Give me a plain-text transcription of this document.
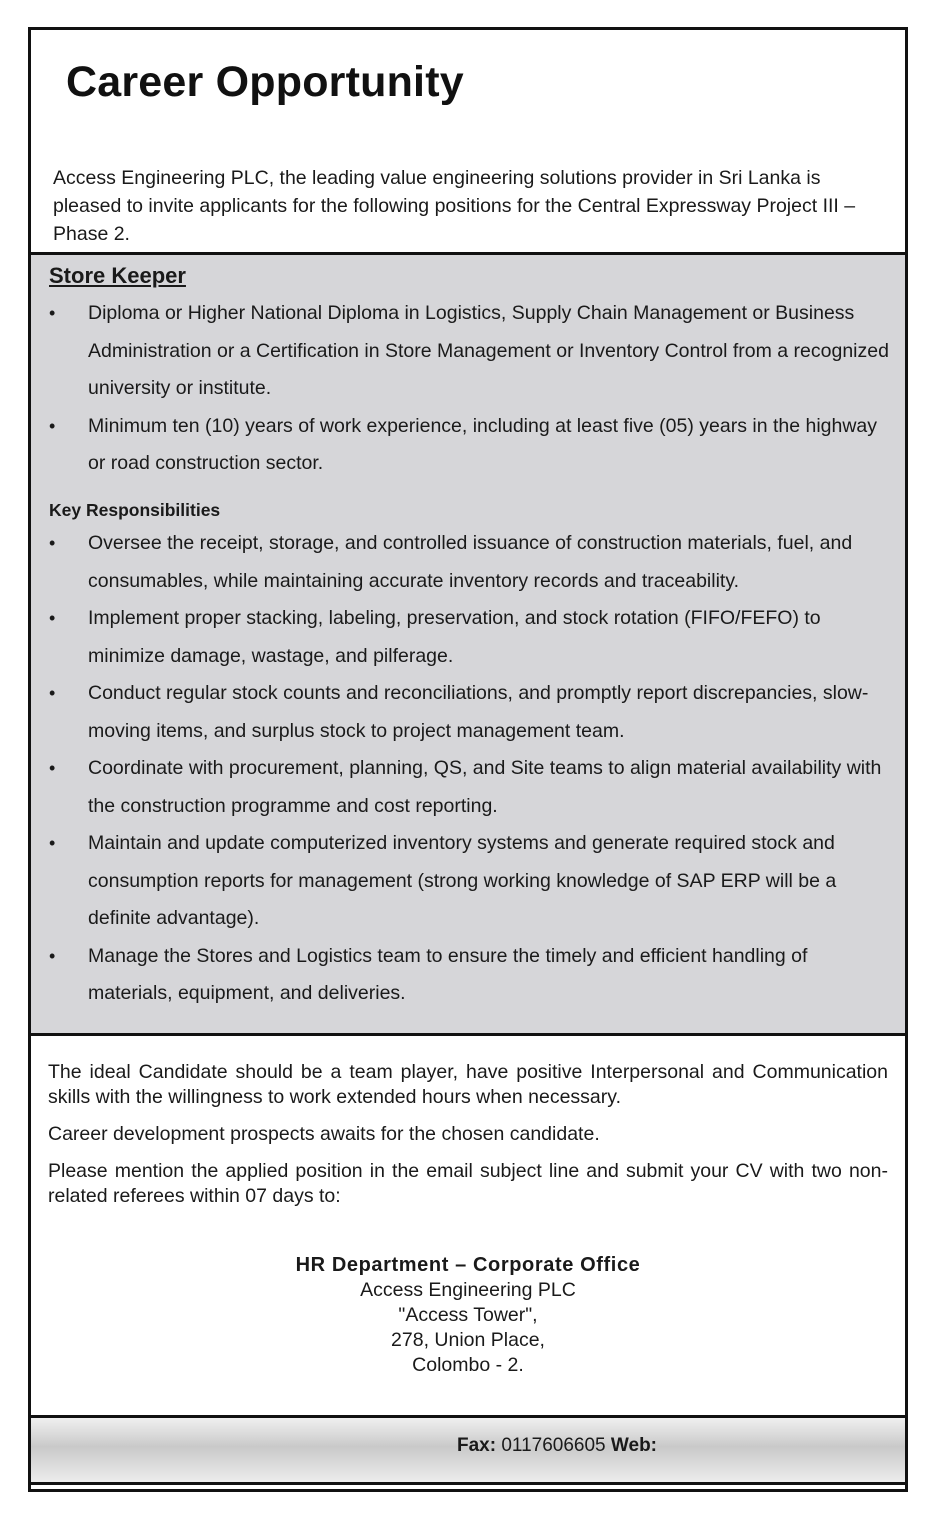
Career Opportunity

Access Engineering PLC, the leading value engineering solutions provider in Sri Lanka is pleased to invite applicants for the following positions for the Central Expressway Project III – Phase 2.

Store Keeper
• Diploma or Higher National Diploma in Logistics, Supply Chain Management or Business Administration or a Certification in Store Management or Inventory Control from a recognized university or institute.
• Minimum ten (10) years of work experience, including at least five (05) years in the highway or road construction sector.
Key Responsibilities
• Oversee the receipt, storage, and controlled issuance of construction materials, fuel, and consumables, while maintaining accurate inventory records and traceability.
• Implement proper stacking, labeling, preservation, and stock rotation (FIFO/FEFO) to minimize damage, wastage, and pilferage.
• Conduct regular stock counts and reconciliations, and promptly report discrepancies, slow-moving items, and surplus stock to project management team.
• Coordinate with procurement, planning, QS, and Site teams to align material availability with the construction programme and cost reporting.
• Maintain and update computerized inventory systems and generate required stock and consumption reports for management (strong working knowledge of SAP ERP will be a definite advantage).
• Manage the Stores and Logistics team to ensure the timely and efficient handling of materials, equipment, and deliveries.

The ideal Candidate should be a team player, have positive Interpersonal and Communication skills with the willingness to work extended hours when necessary.

Career development prospects awaits for the chosen candidate.

Please mention the applied position in the email subject line and submit your CV with two non-related referees within 07 days to:

HR Department – Corporate Office
Access Engineering PLC
"Access Tower",
278, Union Place,
Colombo - 2.
Fax: 0117606605 Web:
